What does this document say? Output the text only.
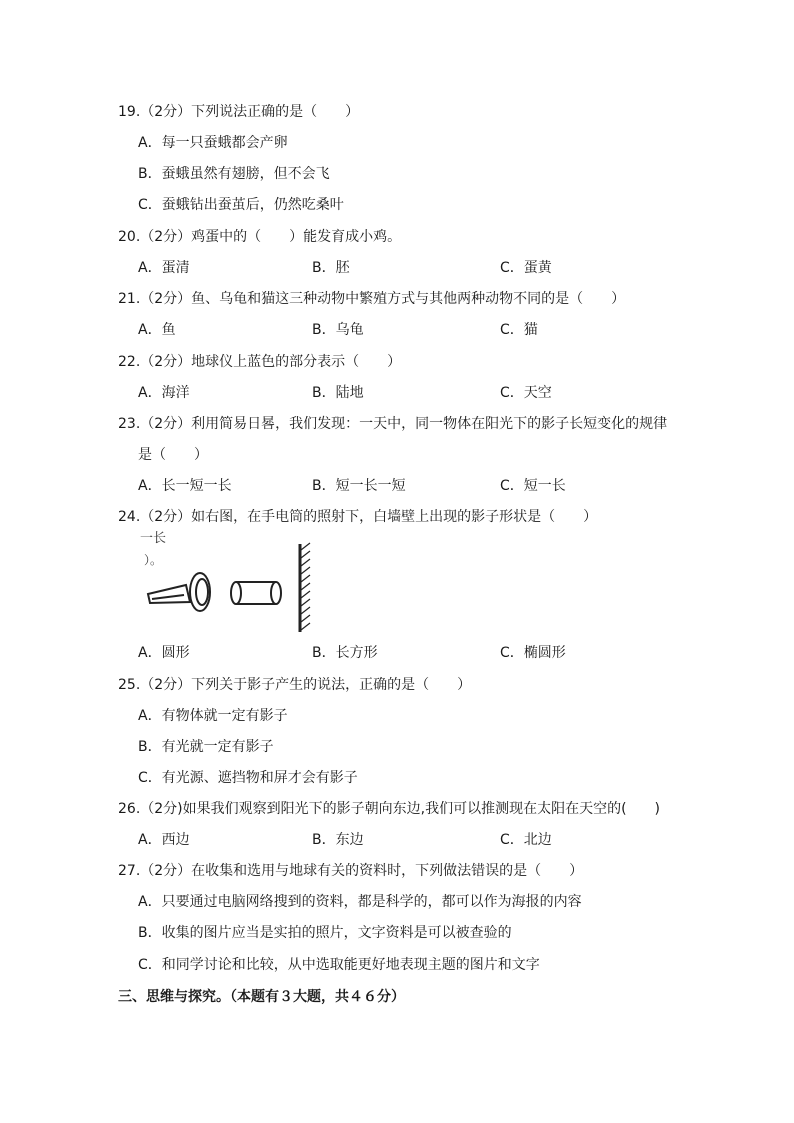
19.（2分）下列说法正确的是（　　）
A．每一只蚕蛾都会产卵
B．蚕蛾虽然有翅膀，但不会飞
C．蚕蛾钻出蚕茧后，仍然吃桑叶
20.（2分）鸡蛋中的（　　）能发育成小鸡。
A．蛋清	B．胚	C．蛋黄
21.（2分）鱼、乌龟和猫这三种动物中繁殖方式与其他两种动物不同的是（　　）
A．鱼	B．乌龟	C．猫
22.（2分）地球仪上蓝色的部分表示（　　）
A．海洋	B．陆地	C．天空
23.（2分）利用简易日晷，我们发现：一天中，同一物体在阳光下的影子长短变化的规律
是（　　）
A．长一短一长	B．短一长一短	C．短一长
24.（2分）如右图，在手电筒的照射下，白墙壁上出现的影子形状是（　　）
一长
）。
A．圆形	B．长方形	C．椭圆形
25.（2分）下列关于影子产生的说法，正确的是（　　）
A．有物体就一定有影子
B．有光就一定有影子
C．有光源、遮挡物和屏才会有影子
26.（2分)如果我们观察到阳光下的影子朝向东边,我们可以推测现在太阳在天空的(　　)
A．西边	B．东边	C．北边
27.（2分）在收集和选用与地球有关的资料时，下列做法错误的是（　　）
A．只要通过电脑网络搜到的资料，都是科学的，都可以作为海报的内容
B．收集的图片应当是实拍的照片，文字资料是可以被查验的
C．和同学讨论和比较，从中选取能更好地表现主题的图片和文字
三、思维与探究。（本题有３大题，共４６分）
